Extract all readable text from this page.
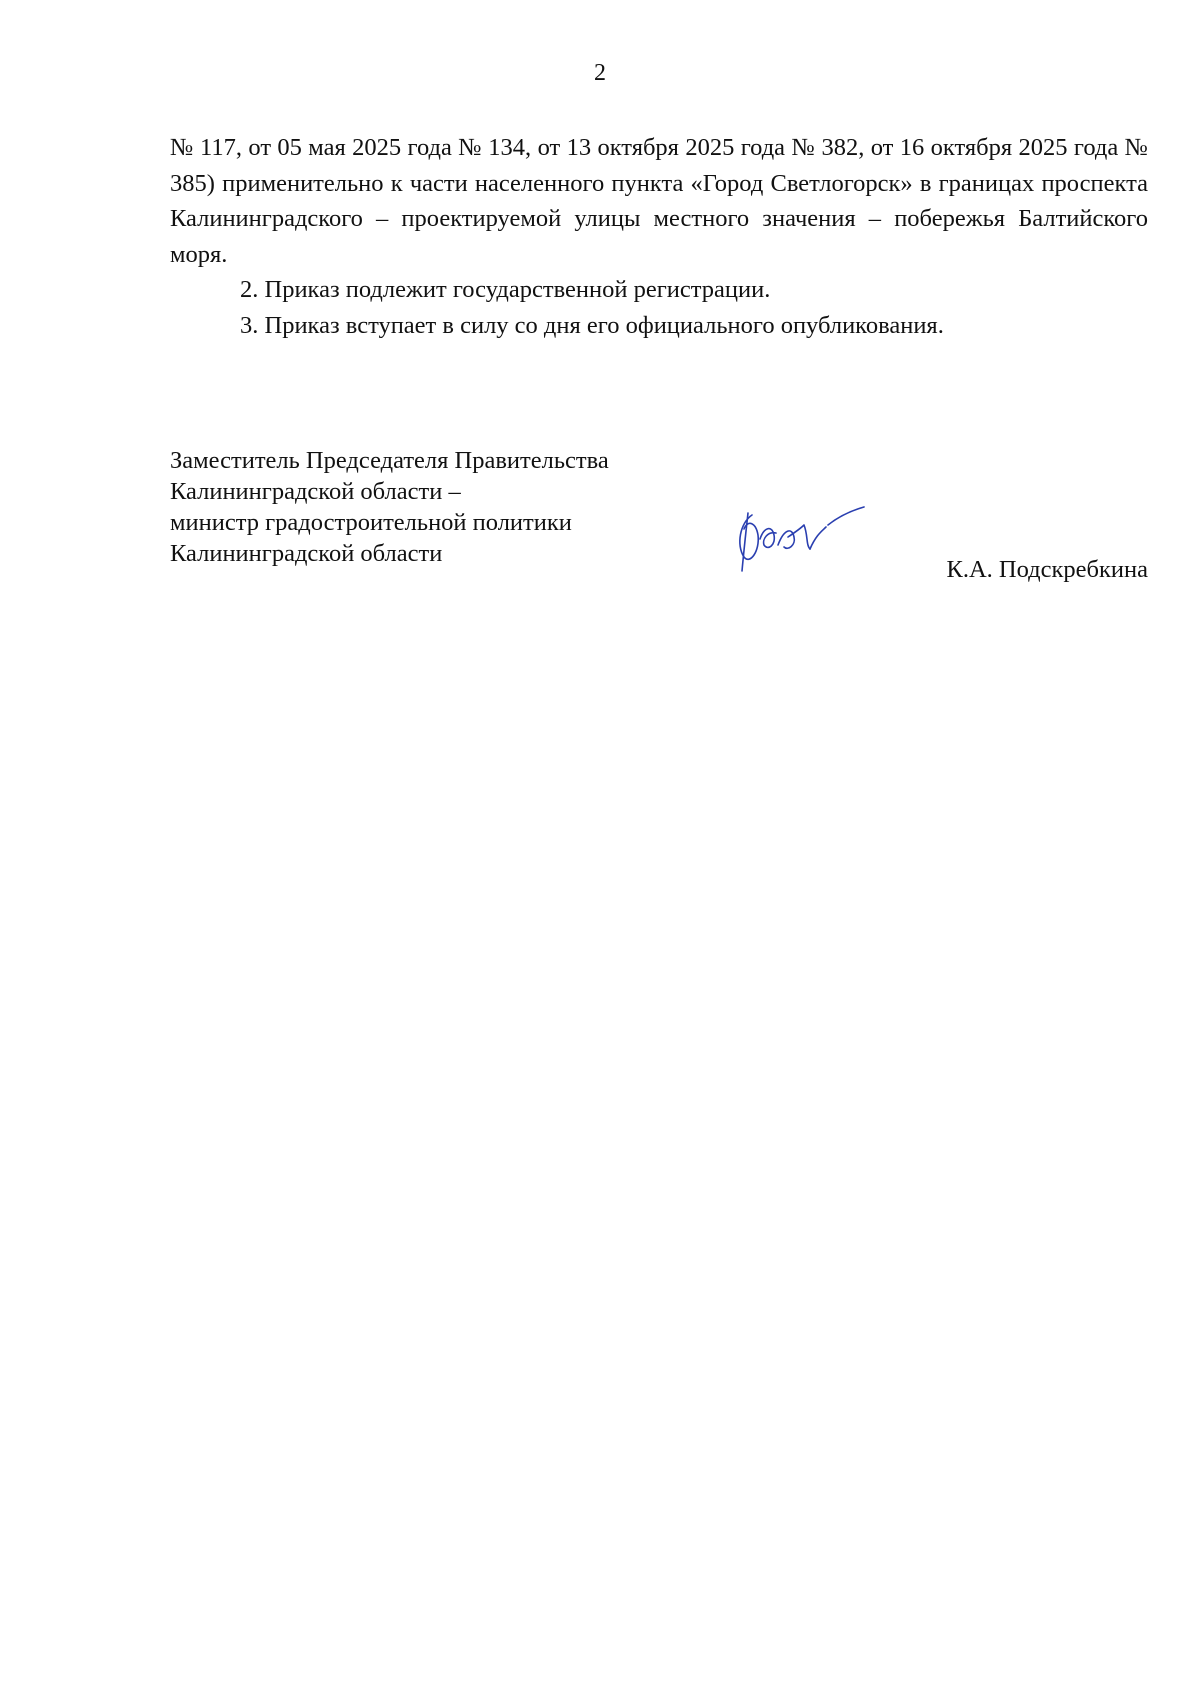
2

№ 117, от 05 мая 2025 года № 134, от 13 октября 2025 года № 382, от 16 октября 2025 года № 385) применительно к части населенного пункта «Город Светлогорск» в границах проспекта Калининградского – проектируемой улицы местного значения – побережья Балтийского моря.

2. Приказ подлежит государственной регистрации.

3. Приказ вступает в силу со дня его официального опубликования.

Заместитель Председателя Правительства
Калининградской области –
министр градостроительной политики
Калининградской области
К.А. Подскребкина
